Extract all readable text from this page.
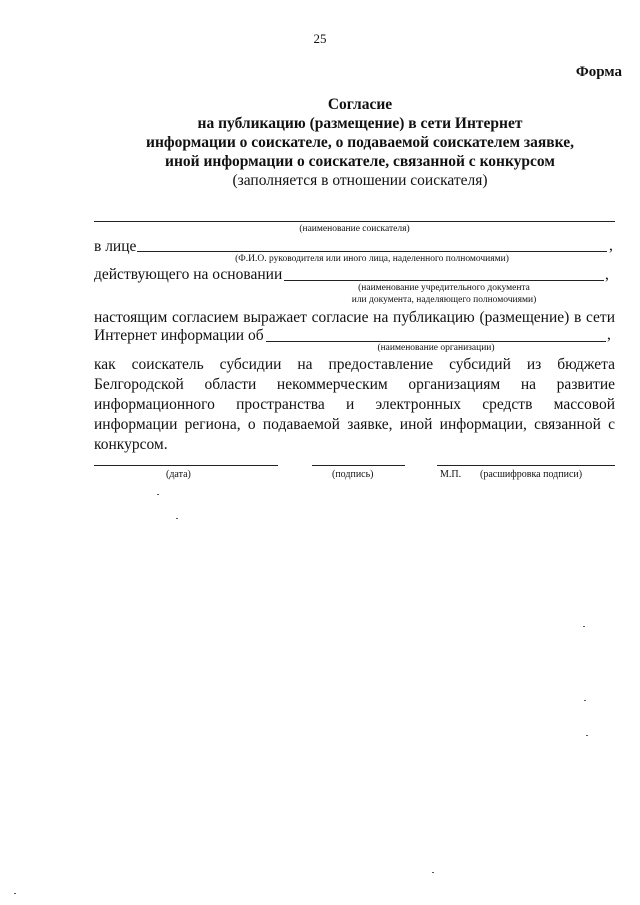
25
Форма
Согласие
на публикацию (размещение) в сети Интернет
информации о соискателе, о подаваемой соискателем заявке,
иной информации о соискателе, связанной с конкурсом
(заполняется в отношении соискателя)
(наименование соискателя)
в лице	,
(Ф.И.О. руководителя или иного лица, наделенного полномочиями)
действующего на основании	,
(наименование учредительного документа
или документа, наделяющего полномочиями)
настоящим согласием выражает согласие на публикацию (размещение) в сети
Интернет информации об	,
(наименование организации)
как соискатель субсидии на предоставление субсидий из бюджета Белгородской области некоммерческим организациям на развитие информационного пространства и электронных средств массовой информации региона, о подаваемой заявке, иной информации, связанной с конкурсом.
(дата)	(подпись)	М.П. (расшифровка подписи)
